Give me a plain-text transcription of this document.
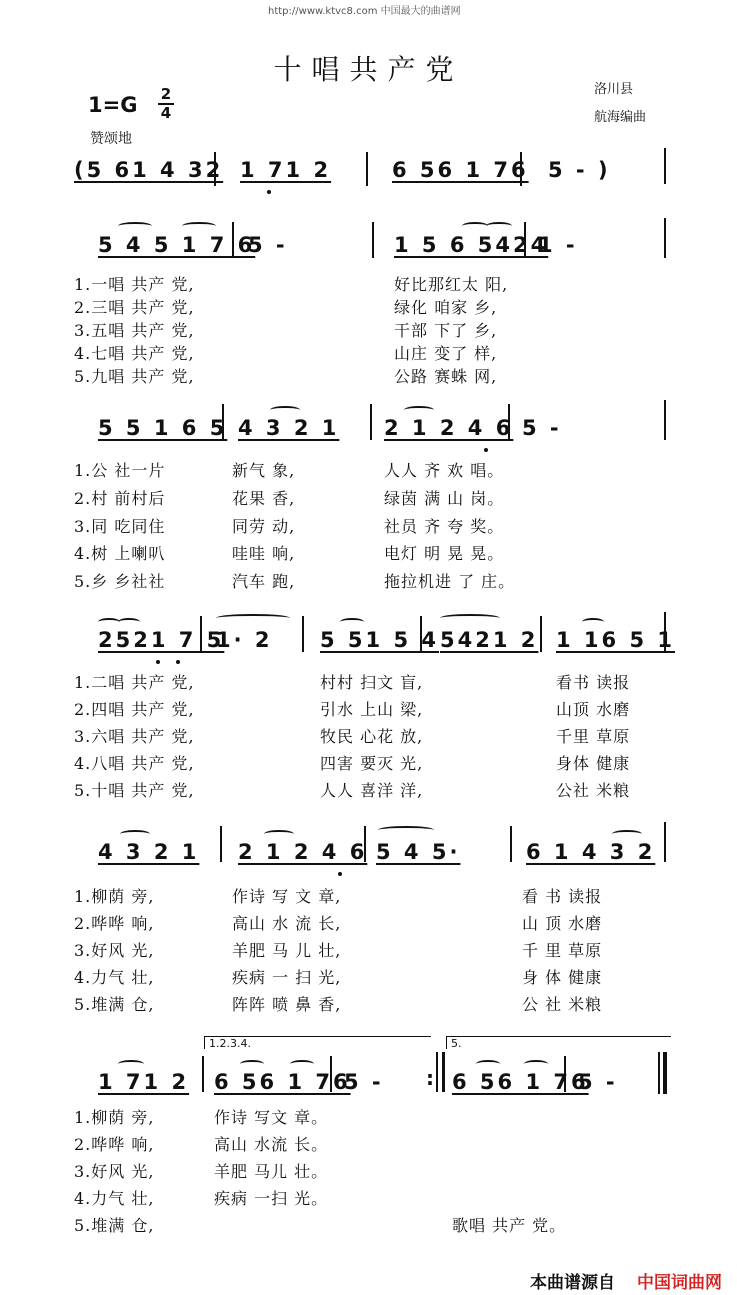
http://www.ktvc8.com 中国最大的曲谱网
十唱共产党
洛川县
航海编曲
1=G 2
4
赞颂地
(5 61 4 32 1 71 2	6 56 1 76 5 - )
5 4 5 1 7 6
5 -	1 5 6 5424
1 -
1.一唱 共产 党,	好比那红太 阳,
2.三唱 共产 党,	绿化 咱家 乡,
3.五唱 共产 党,	干部 下了 乡,
4.七唱 共产 党,	山庄 变了 样,
5.九唱 共产 党,	公路 赛蛛 网,
5 5 1 6 5 4 3 2 1 2 1 2 4 6 5 -
1.公 社一片	新气 象,	人人 齐 欢 唱。
2.村 前村后	花果 香,	绿茵 满 山 岗。
3.同 吃同住	同劳 动,	社员 齐 夸 奖。
4.树 上喇叭	哇哇 响,	电灯 明 晃 晃。
5.乡 乡社社	汽车 跑,	拖拉机进 了 庄。
2521 7 5
1· 2 5 51 5 4 5421 2 1 16 5 1
1.二唱 共产 党,	村村 扫文 盲,	看书 读报
2.四唱 共产 党,	引水 上山 梁,	山顶 水磨
3.六唱 共产 党,	牧民 心花 放,	千里 草原
4.八唱 共产 党,	四害 要灭 光,	身体 健康
5.十唱 共产 党,	人人 喜洋 洋,	公社 米粮
4 3 2 1 2 1 2 4 6 5 4 5·	6 1 4 3 2
1.柳荫 旁,	作诗 写 文 章,	看 书 读报
2.哗哗 响,	高山 水 流 长,	山 顶 水磨
3.好风 光,	羊肥 马 儿 壮,	千 里 草原
4.力气 壮,	疾病 一 扫 光,	身 体 健康
5.堆满 仓,	阵阵 喷 鼻 香,	公 社 米粮
1.2.3.4.	5.
1 71 2 6 56 1 76
5 - : 6 56 1 76
5 -
1.柳荫 旁,	作诗 写文 章。
2.哗哗 响,	高山 水流 长。
3.好风 光,	羊肥 马儿 壮。
4.力气 壮,	疾病 一扫 光。
5.堆满 仓,	歌唱 共产 党。
本曲谱源自 中国词曲网
